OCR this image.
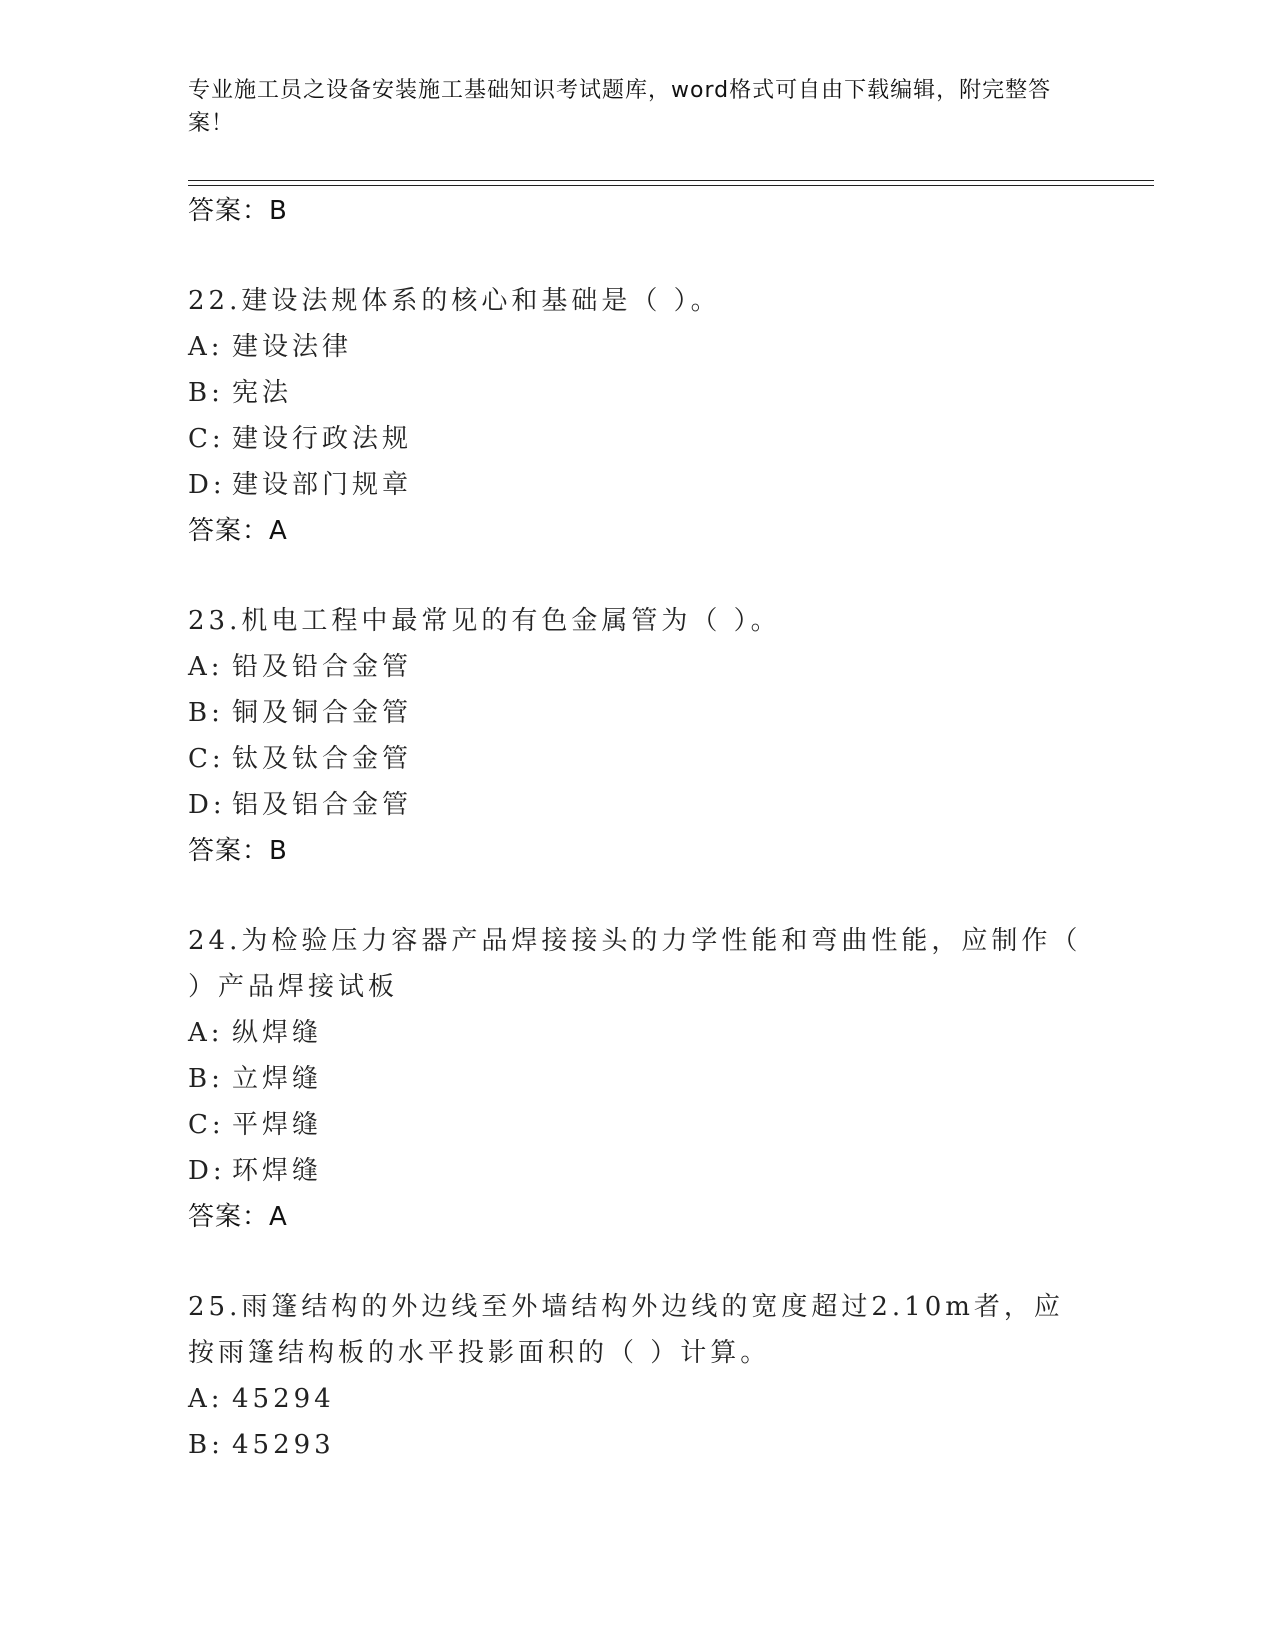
专业施工员之设备安装施工基础知识考试题库，word格式可自由下载编辑，附完整答案！
答案：B
22.建设法规体系的核心和基础是（ ）。
A: 建设法律
B: 宪法
C: 建设行政法规
D: 建设部门规章
答案：A
23.机电工程中最常见的有色金属管为（ ）。
A: 铅及铅合金管
B: 铜及铜合金管
C: 钛及钛合金管
D: 铝及铝合金管
答案：B
24.为检验压力容器产品焊接接头的力学性能和弯曲性能，应制作（ ）产品焊接试板
A: 纵焊缝
B: 立焊缝
C: 平焊缝
D: 环焊缝
答案：A
25.雨篷结构的外边线至外墙结构外边线的宽度超过2.10m者，应按雨篷结构板的水平投影面积的（ ）计算。
A: 45294
B: 45293
